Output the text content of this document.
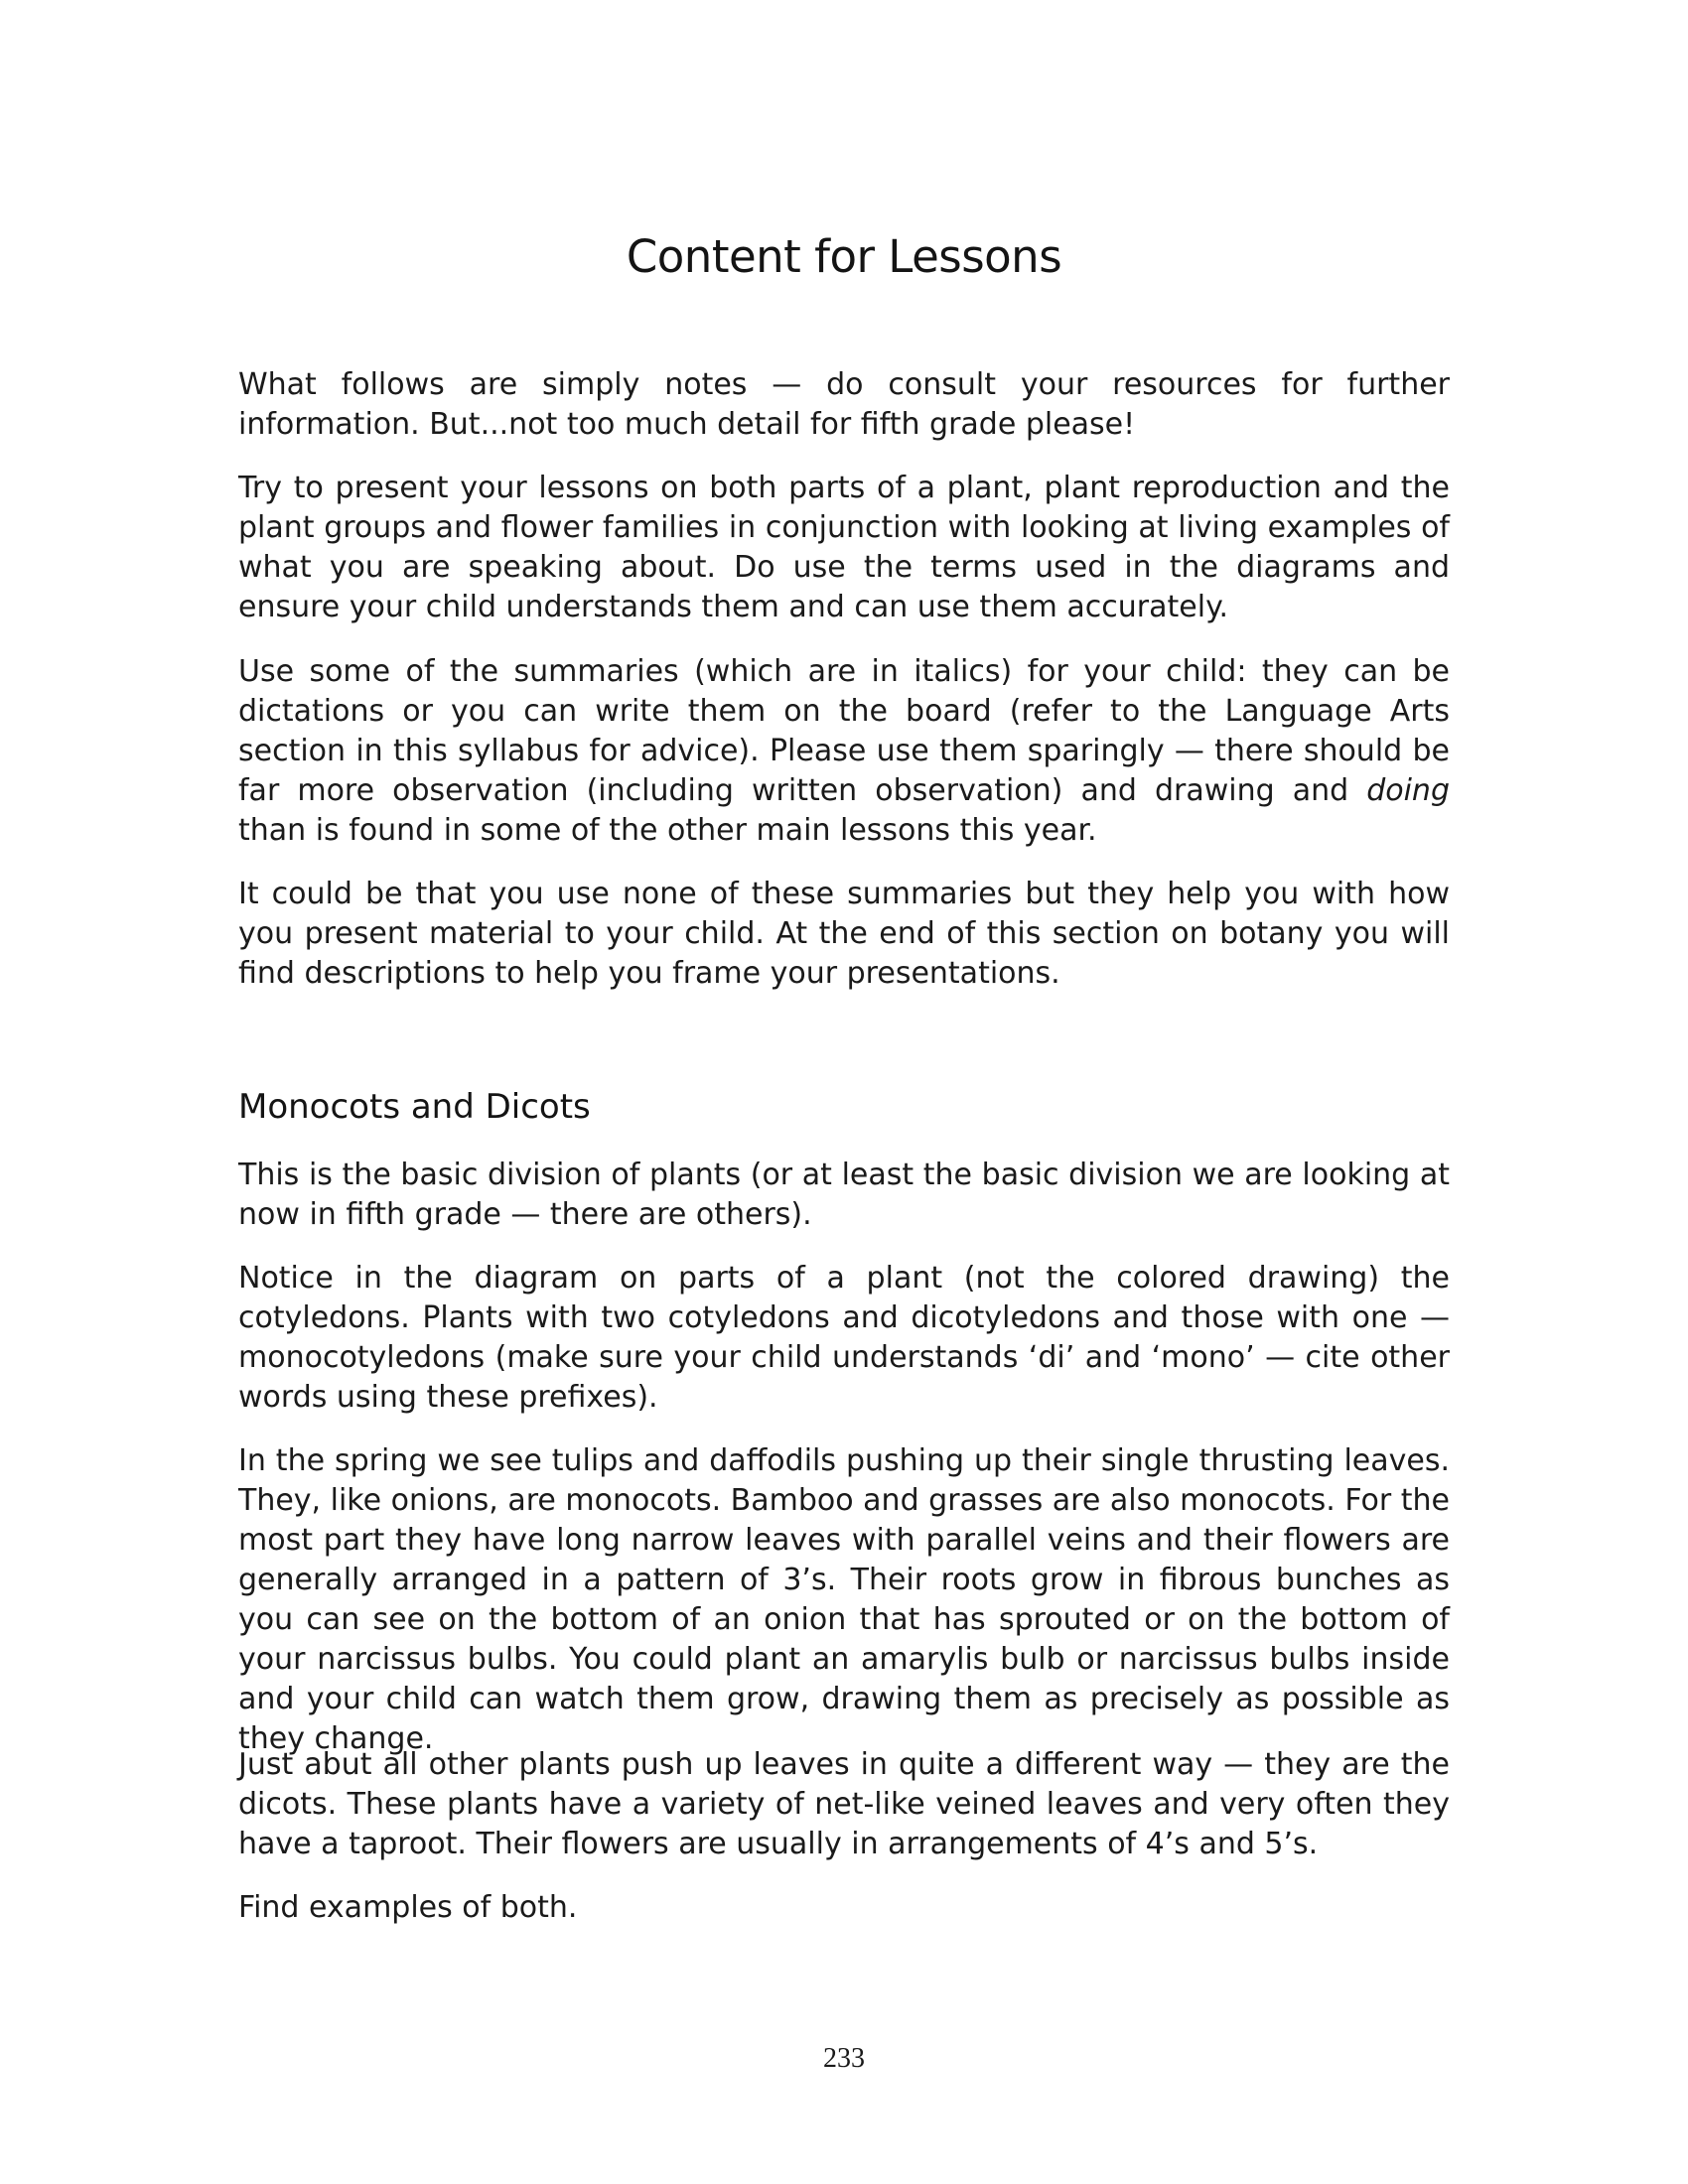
Content for Lessons

What follows are simply notes — do consult your resources for further information. But...not too much detail for fifth grade please!

Try to present your lessons on both parts of a plant, plant reproduction and the plant groups and flower families in conjunction with looking at living examples of what you are speaking about. Do use the terms used in the diagrams and ensure your child understands them and can use them accurately.

Use some of the summaries (which are in italics) for your child: they can be dictations or you can write them on the board (refer to the Language Arts section in this syllabus for advice). Please use them sparingly — there should be far more observation (including written observation) and drawing and doing than is found in some of the other main lessons this year.

It could be that you use none of these summaries but they help you with how you present material to your child. At the end of this section on botany you will find descriptions to help you frame your presentations.

Monocots and Dicots

This is the basic division of plants (or at least the basic division we are looking at now in fifth grade — there are others).

Notice in the diagram on parts of a plant (not the colored drawing) the cotyledons. Plants with two cotyledons and dicotyledons and those with one — monocotyledons (make sure your child understands ‘di’ and ‘mono’ — cite other words using these prefixes).

In the spring we see tulips and daffodils pushing up their single thrusting leaves. They, like onions, are monocots. Bamboo and grasses are also monocots. For the most part they have long narrow leaves with parallel veins and their flowers are generally arranged in a pattern of 3’s. Their roots grow in fibrous bunches as you can see on the bottom of an onion that has sprouted or on the bottom of your narcissus bulbs. You could plant an amarylis bulb or narcissus bulbs inside and your child can watch them grow, drawing them as precisely as possible as they change.

Just abut all other plants push up leaves in quite a different way — they are the dicots. These plants have a variety of net-like veined leaves and very often they have a taproot. Their flowers are usually in arrangements of 4’s and 5’s.

Find examples of both.

233
